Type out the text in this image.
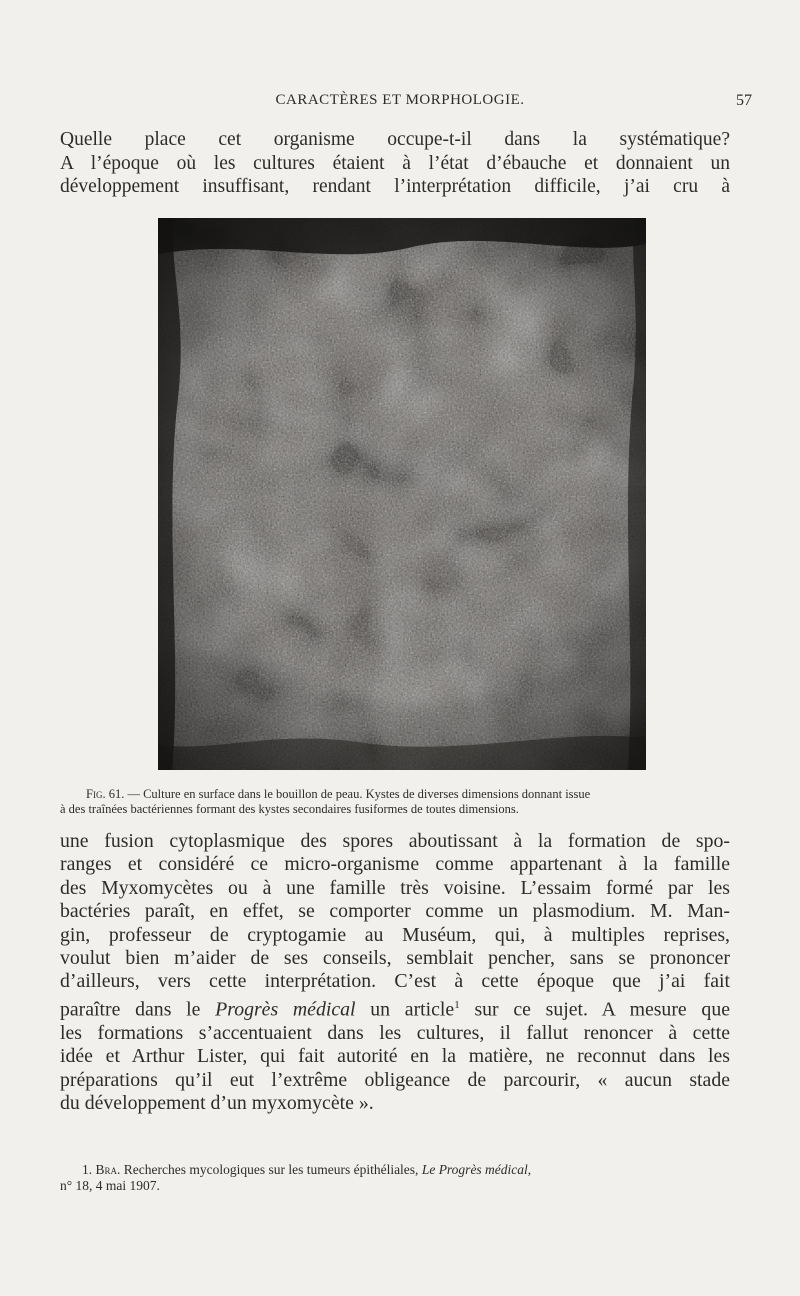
CARACTÈRES ET MORPHOLOGIE.	57
Quelle place cet organisme occupe-t-il dans la systématique?
A l’époque où les cultures étaient à l’état d’ébauche et donnaient un
développement insuffisant, rendant l’interprétation difficile, j’ai cru à
Fig. 61. — Culture en surface dans le bouillon de peau. Kystes de diverses dimensions donnant issue
à des traînées bactériennes formant des kystes secondaires fusiformes de toutes dimensions.
une fusion cytoplasmique des spores aboutissant à la formation de spo-
ranges et considéré ce micro-organisme comme appartenant à la famille
des Myxomycètes ou à une famille très voisine. L’essaim formé par les
bactéries paraît, en effet, se comporter comme un plasmodium. M. Man-
gin, professeur de cryptogamie au Muséum, qui, à multiples reprises,
voulut bien m’aider de ses conseils, semblait pencher, sans se prononcer
d’ailleurs, vers cette interprétation. C’est à cette époque que j’ai fait
paraître dans le Progrès médical un article$^1$ sur ce sujet. A mesure que
les formations s’accentuaient dans les cultures, il fallut renoncer à cette
idée et Arthur Lister, qui fait autorité en la matière, ne reconnut dans les
préparations qu’il eut l’extrême obligeance de parcourir, « aucun stade
du développement d’un myxomycète ».
1. Bra. Recherches mycologiques sur les tumeurs épithéliales, Le Progrès médical,
n° 18, 4 mai 1907.
